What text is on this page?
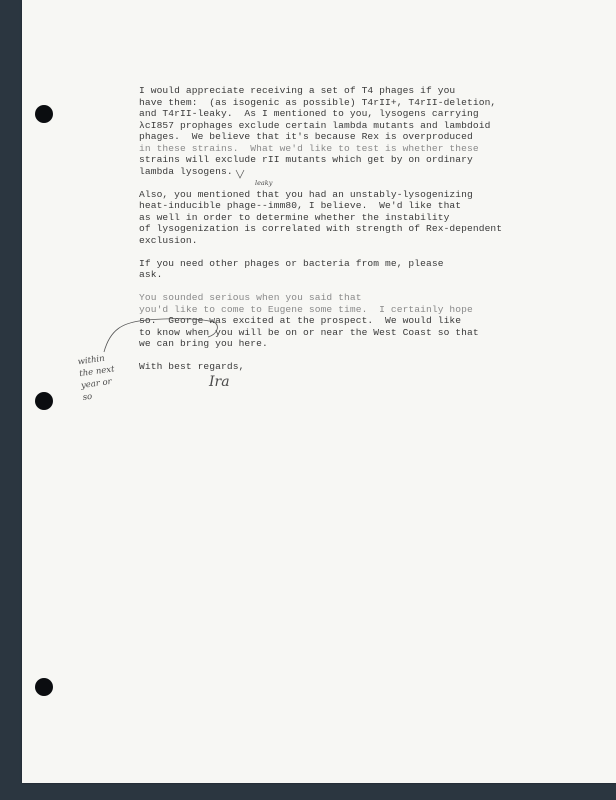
I would appreciate receiving a set of T4 phages if you
have them:  (as isogenic as possible) T4rII+, T4rII-deletion,
and T4rII-leaky.  As I mentioned to you, lysogens carrying
λcI857 prophages exclude certain lambda mutants and lambdoid
phages.  We believe that it's because Rex is overproduced
in these strains.  What we'd like to test is whether these
strains will exclude rII mutants which get by on ordinary
lambda lysogens.
Also, you mentioned that you had an unstably-lysogenizing
heat-inducible phage--imm80, I believe.  We'd like that
as well in order to determine whether the instability
of lysogenization is correlated with strength of Rex-dependent
exclusion.
If you need other phages or bacteria from me, please
ask.
You sounded serious when you said that
you'd like to come to Eugene some time.  I certainly hope
so.  George was excited at the prospect.  We would like
to know when you will be on or near the West Coast so that
we can bring you here.
With best regards,
within
the next
year or
so
leaky
Ira
